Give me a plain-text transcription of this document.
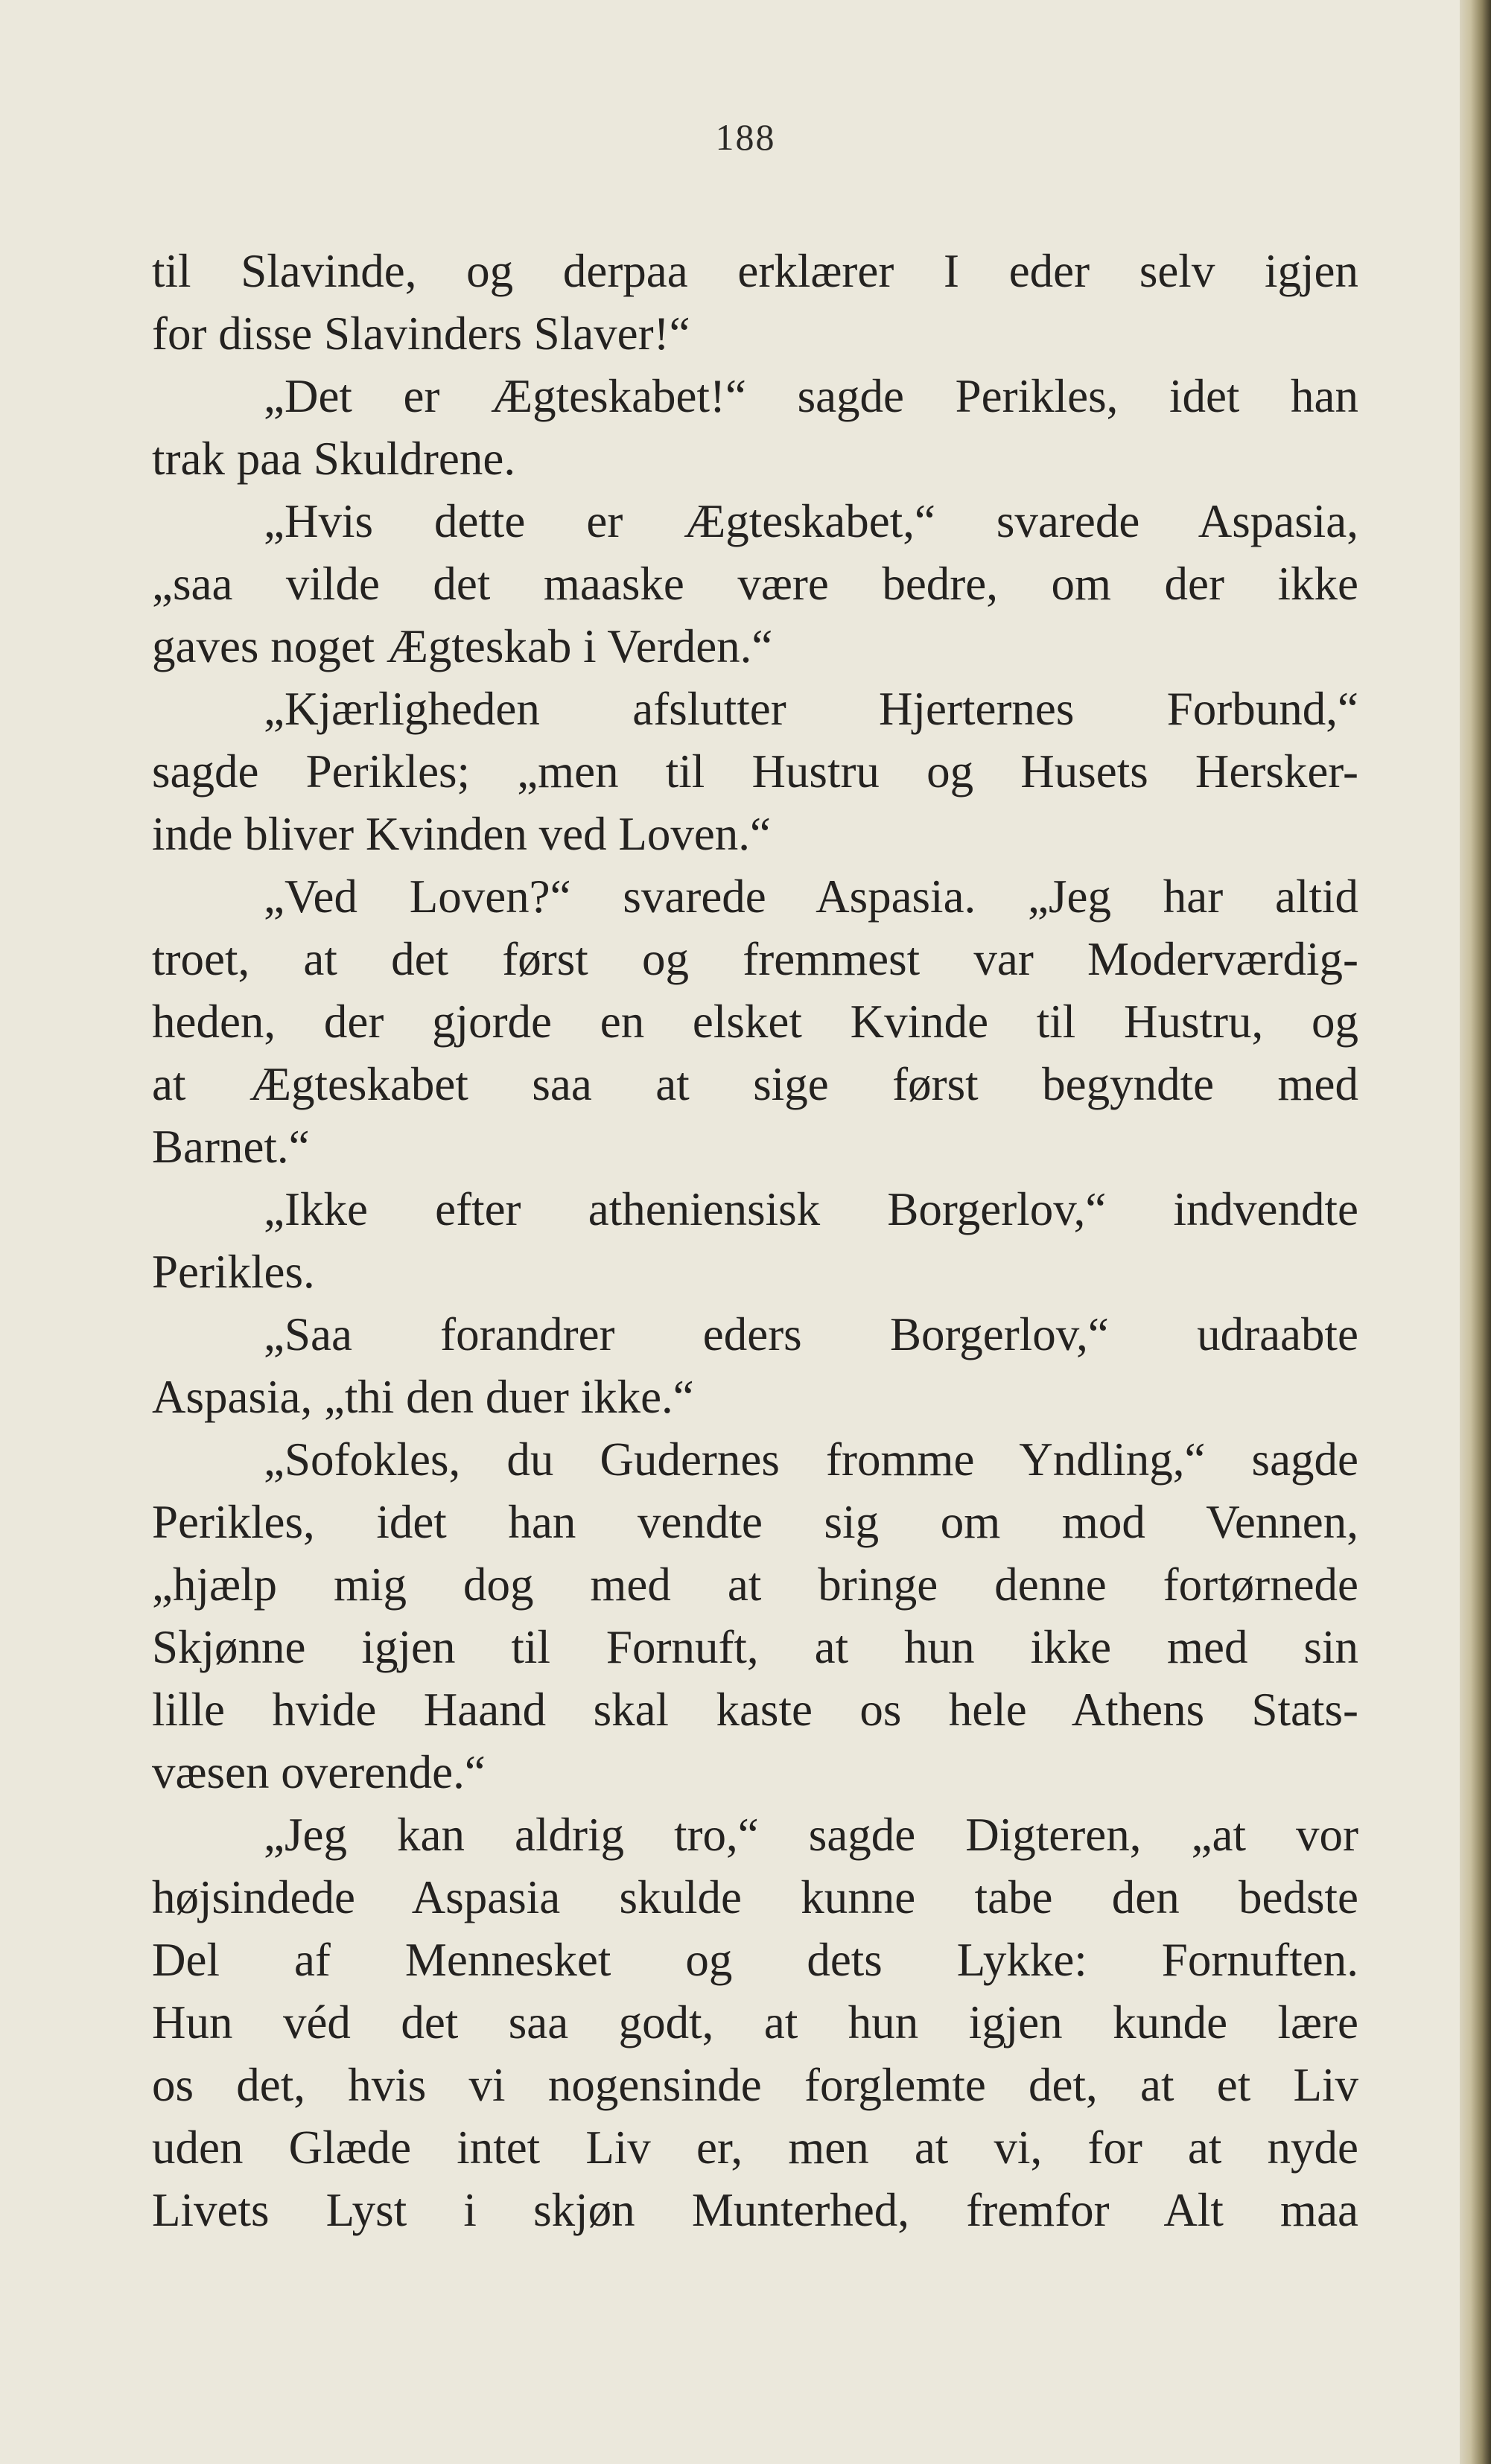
188
til Slavinde, og derpaa erklærer I eder selv igjen
for disse Slavinders Slaver!“
„Det er Ægteskabet!“ sagde Perikles, idet han
trak paa Skuldrene.
„Hvis dette er Ægteskabet,“ svarede Aspasia,
„saa vilde det maaske være bedre, om der ikke
gaves noget Ægteskab i Verden.“
„Kjærligheden afslutter Hjerternes Forbund,“
sagde Perikles; „men til Hustru og Husets Hersker-
inde bliver Kvinden ved Loven.“
„Ved Loven?“ svarede Aspasia. „Jeg har altid
troet, at det først og fremmest var Moderværdig-
heden, der gjorde en elsket Kvinde til Hustru, og
at Ægteskabet saa at sige først begyndte med
Barnet.“
„Ikke efter atheniensisk Borgerlov,“ indvendte
Perikles.
„Saa forandrer eders Borgerlov,“ udraabte
Aspasia, „thi den duer ikke.“
„Sofokles, du Gudernes fromme Yndling,“ sagde
Perikles, idet han vendte sig om mod Vennen,
„hjælp mig dog med at bringe denne fortørnede
Skjønne igjen til Fornuft, at hun ikke med sin
lille hvide Haand skal kaste os hele Athens Stats-
væsen overende.“
„Jeg kan aldrig tro,“ sagde Digteren, „at vor
højsindede Aspasia skulde kunne tabe den bedste
Del af Mennesket og dets Lykke: Fornuften.
Hun véd det saa godt, at hun igjen kunde lære
os det, hvis vi nogensinde forglemte det, at et Liv
uden Glæde intet Liv er, men at vi, for at nyde
Livets Lyst i skjøn Munterhed, fremfor Alt maa
